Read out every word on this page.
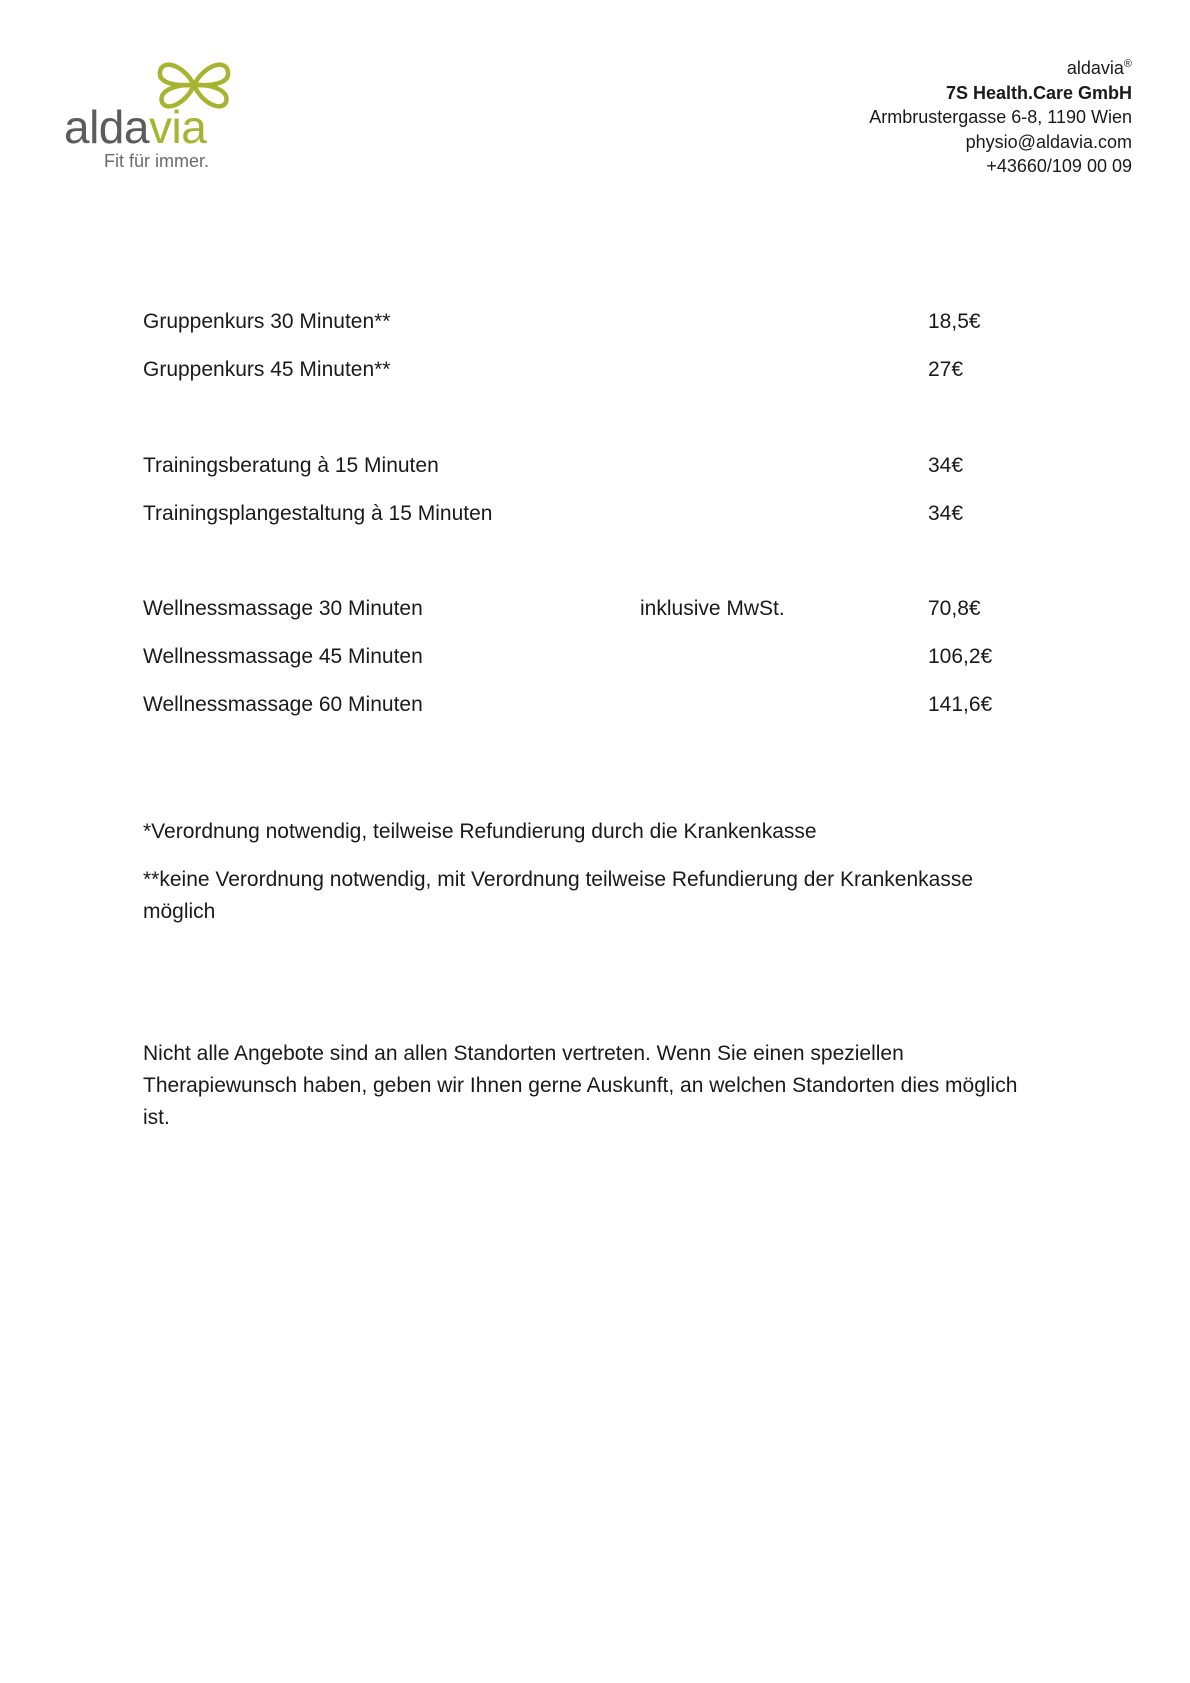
aldavia
Fit für immer.
aldavia®
7S Health.Care GmbH
Armbrustergasse 6-8, 1190 Wien
physio@aldavia.com
+43660/109 00 09
Gruppenkurs 30 Minuten**	18,5€
Gruppenkurs 45 Minuten**	27€
Trainingsberatung à 15 Minuten	34€
Trainingsplangestaltung à 15 Minuten	34€
Wellnessmassage 30 Minuten	inklusive MwSt.	70,8€
Wellnessmassage 45 Minuten	106,2€
Wellnessmassage 60 Minuten	141,6€
*Verordnung notwendig, teilweise Refundierung durch die Krankenkasse
**keine Verordnung notwendig, mit Verordnung teilweise Refundierung der Krankenkasse möglich
Nicht alle Angebote sind an allen Standorten vertreten. Wenn Sie einen speziellen Therapiewunsch haben, geben wir Ihnen gerne Auskunft, an welchen Standorten dies möglich ist.
